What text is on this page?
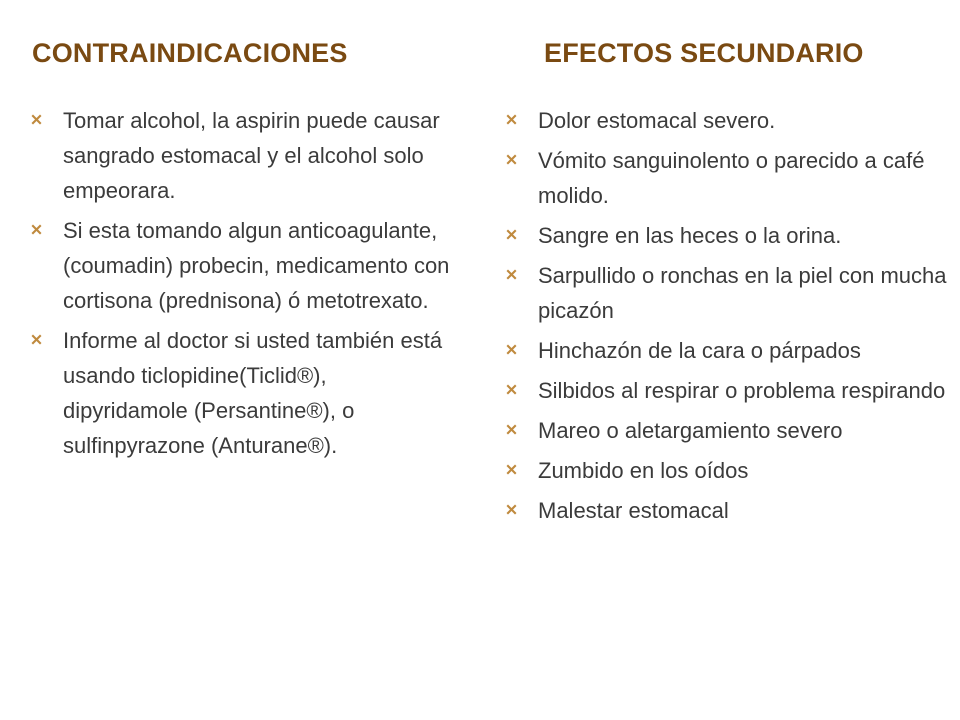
CONTRAINDICACIONES
Tomar alcohol, la aspirin puede causar sangrado estomacal y el alcohol solo empeorara.
Si esta tomando algun anticoagulante, (coumadin) probecin, medicamento con cortisona (prednisona) ó metotrexato.
Informe al doctor si usted también está usando ticlopidine(Ticlid®), dipyridamole (Persantine®), o sulfinpyrazone (Anturane®).
EFECTOS SECUNDARIO
Dolor estomacal severo.
Vómito sanguinolento o parecido a café molido.
Sangre en las heces o la orina.
Sarpullido o ronchas en la piel con mucha picazón
Hinchazón de la cara o párpados
Silbidos al respirar o problema respirando
Mareo o aletargamiento severo
Zumbido en los oídos
Malestar estomacal
